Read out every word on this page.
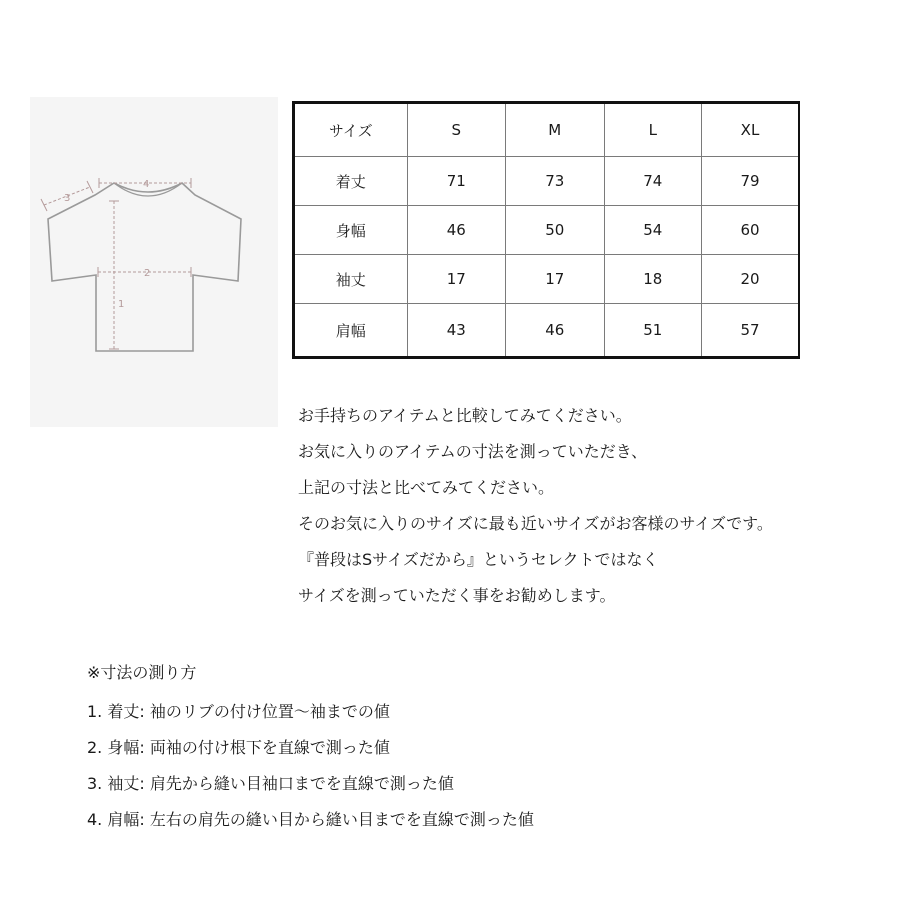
1
2
3
4
サイズ	S	M	L	XL
着丈	71	73	74	79
身幅	46	50	54	60
袖丈	17	17	18	20
肩幅	43	46	51	57
お手持ちのアイテムと比較してみてください。
お気に入りのアイテムの寸法を測っていただき、
上記の寸法と比べてみてください。
そのお気に入りのサイズに最も近いサイズがお客様のサイズです。
『普段はSサイズだから』というセレクトではなく
サイズを測っていただく事をお勧めします。
※寸法の測り方
1. 着丈: 袖のリブの付け位置〜袖までの値
2. 身幅: 両袖の付け根下を直線で測った値
3. 袖丈: 肩先から縫い目袖口までを直線で測った値
4. 肩幅: 左右の肩先の縫い目から縫い目までを直線で測った値
